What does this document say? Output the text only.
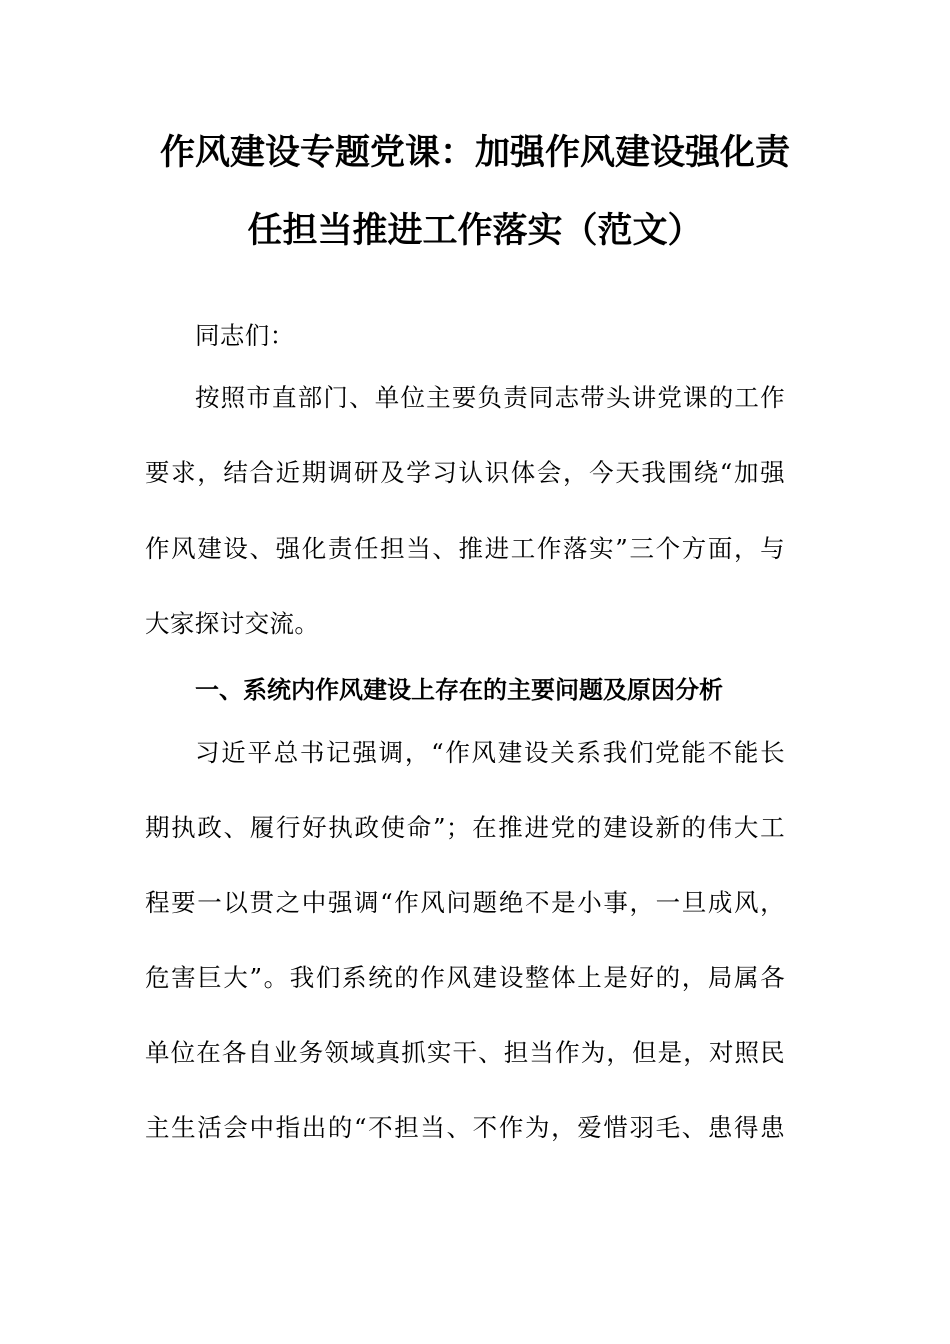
作风建设专题党课：加强作风建设强化责
任担当推进工作落实（范文）
同志们：
按照市直部门、单位主要负责同志带头讲党课的工作
要求，结合近期调研及学习认识体会，今天我围绕“加强
作风建设、强化责任担当、推进工作落实”三个方面，与
大家探讨交流。
一、系统内作风建设上存在的主要问题及原因分析
习近平总书记强调，“作风建设关系我们党能不能长
期执政、履行好执政使命”；在推进党的建设新的伟大工
程要一以贯之中强调“作风问题绝不是小事，一旦成风，
危害巨大”。我们系统的作风建设整体上是好的，局属各
单位在各自业务领域真抓实干、担当作为，但是，对照民
主生活会中指出的“不担当、不作为，爱惜羽毛、患得患
